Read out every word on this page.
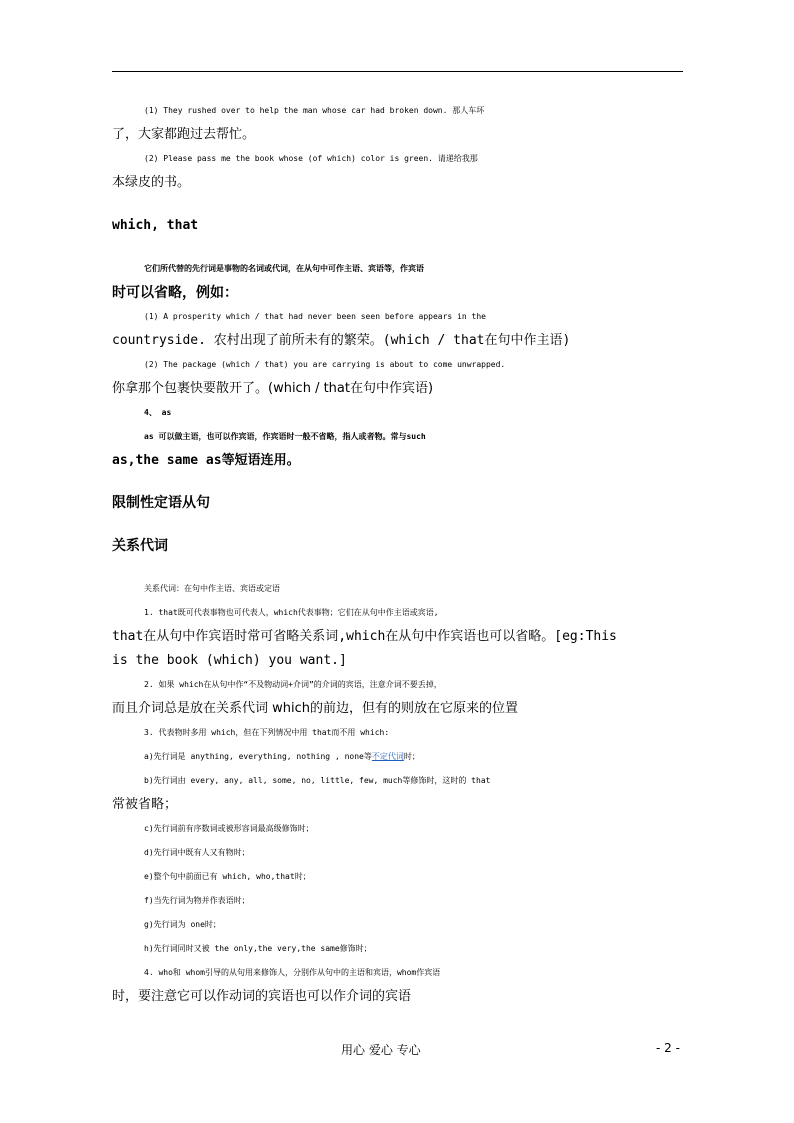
(1) They rushed over to help the man whose car had broken down. 那人车坏
了，大家都跑过去帮忙。
(2) Please pass me the book whose (of which) color is green. 请递给我那
本绿皮的书。
which, that
它们所代替的先行词是事物的名词或代词，在从句中可作主语、宾语等，作宾语
时可以省略，例如：
(1) A prosperity which / that had never been seen before appears in the
countryside. 农村出现了前所未有的繁荣。(which / that在句中作主语)
(2) The package (which / that) you are carrying is about to come unwrapped.
你拿那个包裹快要散开了。(which / that在句中作宾语)
4、 as
as 可以做主语，也可以作宾语，作宾语时一般不省略，指人或者物。常与such
as,the same as等短语连用。
限制性定语从句
关系代词
关系代词：在句中作主语、宾语或定语
1. that既可代表事物也可代表人，which代表事物；它们在从句中作主语或宾语,
that在从句中作宾语时常可省略关系词,which在从句中作宾语也可以省略。[eg:This
is the book (which) you want.]
2. 如果 which在从句中作“不及物动词+介词”的介词的宾语，注意介词不要丢掉，
而且介词总是放在关系代词 which的前边，但有的则放在它原来的位置
3. 代表物时多用 which，但在下列情况中用 that而不用 which:
a)先行词是 anything, everything, nothing , none等不定代词时；
b)先行词由 every, any, all, some, no, little, few, much等修饰时，这时的 that
常被省略；
c)先行词前有序数词或被形容词最高级修饰时；
d)先行词中既有人又有物时；
e)整个句中前面已有 which, who,that时；
f)当先行词为物并作表语时；
g)先行词为 one时；
h)先行词同时又被 the only,the very,the same修饰时；
4. who和 whom引导的从句用来修饰人，分别作从句中的主语和宾语，whom作宾语
时，要注意它可以作动词的宾语也可以作介词的宾语
用心 爱心 专心	- 2 -
